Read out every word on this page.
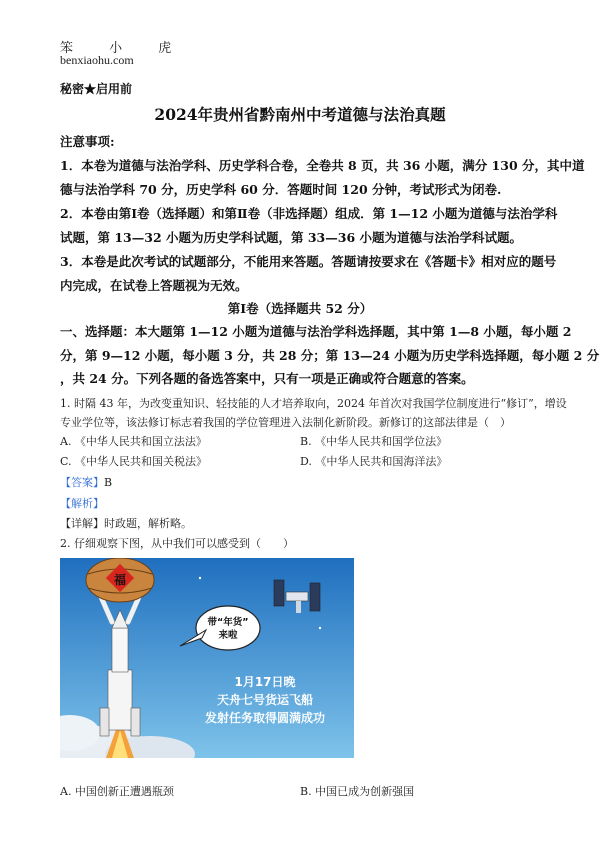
笨 小 虎
benxiaohu.com
秘密★启用前
2024年贵州省黔南州中考道德与法治真题
注意事项:
1．本卷为道德与法治学科、历史学科合卷，全卷共 8 页，共 36 小题，满分 130 分，其中道
德与法治学科 70 分，历史学科 60 分．答题时间 120 分钟，考试形式为闭卷.
2．本卷由第Ⅰ卷（选择题）和第Ⅱ卷（非选择题）组成．第 1—12 小题为道德与法治学科
试题，第 13—32 小题为历史学科试题，第 33—36 小题为道德与法治学科试题。
3．本卷是此次考试的试题部分，不能用来答题。答题请按要求在《答题卡》相对应的题号
内完成，在试卷上答题视为无效。
第Ⅰ卷（选择题共 52 分）
一、选择题：本大题第 1—12 小题为道德与法治学科选择题，其中第 1—8 小题，每小题 2
分，第 9—12 小题，每小题 3 分，共 28 分；第 13—24 小题为历史学科选择题，每小题 2 分
，共 24 分。下列各题的备选答案中，只有一项是正确或符合题意的答案。
1. 时隔 43 年，为改变重知识、轻技能的人才培养取向，2024 年首次对我国学位制度进行“修订”，增设
专业学位等，该法修订标志着我国的学位管理进入法制化新阶段。新修订的这部法律是（　）
A. 《中华人民共和国立法法》	B. 《中华人民共和国学位法》
C. 《中华人民共和国关税法》	D. 《中华人民共和国海洋法》
【答案】B
【解析】
【详解】时政题，解析略。
2. 仔细观察下图，从中我们可以感受到（　　）
福
带“年货”
来啦
1月17日晚
天舟七号货运飞船
发射任务取得圆满成功
A. 中国创新正遭遇瓶颈	B. 中国已成为创新强国
